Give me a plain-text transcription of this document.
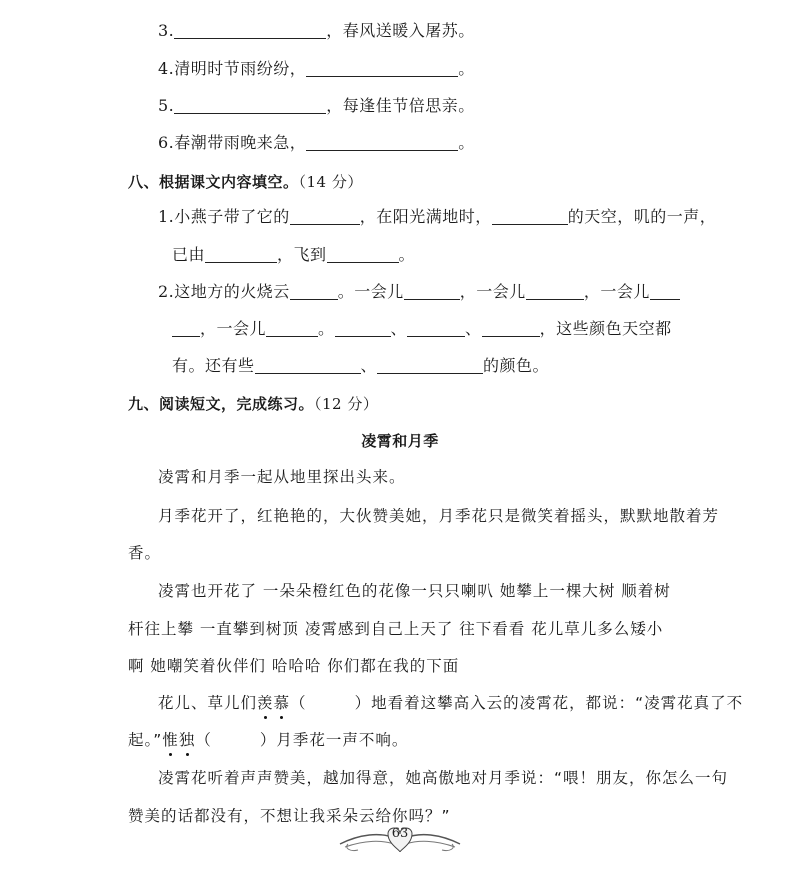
3.	，春风送暖入屠苏。
4.清明时节雨纷纷，	。
5.	，每逢佳节倍思亲。
6.春潮带雨晚来急，	。
八、根据课文内容填空。（14 分）
1.小燕子带了它的	，在阳光满地时，	的天空，叽的一声，
已由	，飞到	。
2.这地方的火烧云	。一会儿	，一会儿	，一会儿
，一会儿	。	、	、	，这些颜色天空都
有。还有些	、	的颜色。
九、阅读短文，完成练习。（12 分）
凌霄和月季
凌霄和月季一起从地里探出头来。
月季花开了，红艳艳的，大伙赞美她，月季花只是微笑着摇头，默默地散着芳
香。
凌霄也开花了 一朵朵橙红色的花像一只只喇叭 她攀上一棵大树 顺着树
杆往上攀 一直攀到树顶 凌霄感到自己上天了 往下看看 花儿草儿多么矮小
啊 她嘲笑着伙伴们 哈哈哈 你们都在我的下面
花儿、草儿们羡慕（	）地看着这攀高入云的凌霄花，都说：“凌霄花真了不
起。”惟独（	）月季花一声不响。
凌霄花听着声声赞美，越加得意，她高傲地对月季说：“喂！朋友，你怎么一句
赞美的话都没有，不想让我采朵云给你吗？”
63
